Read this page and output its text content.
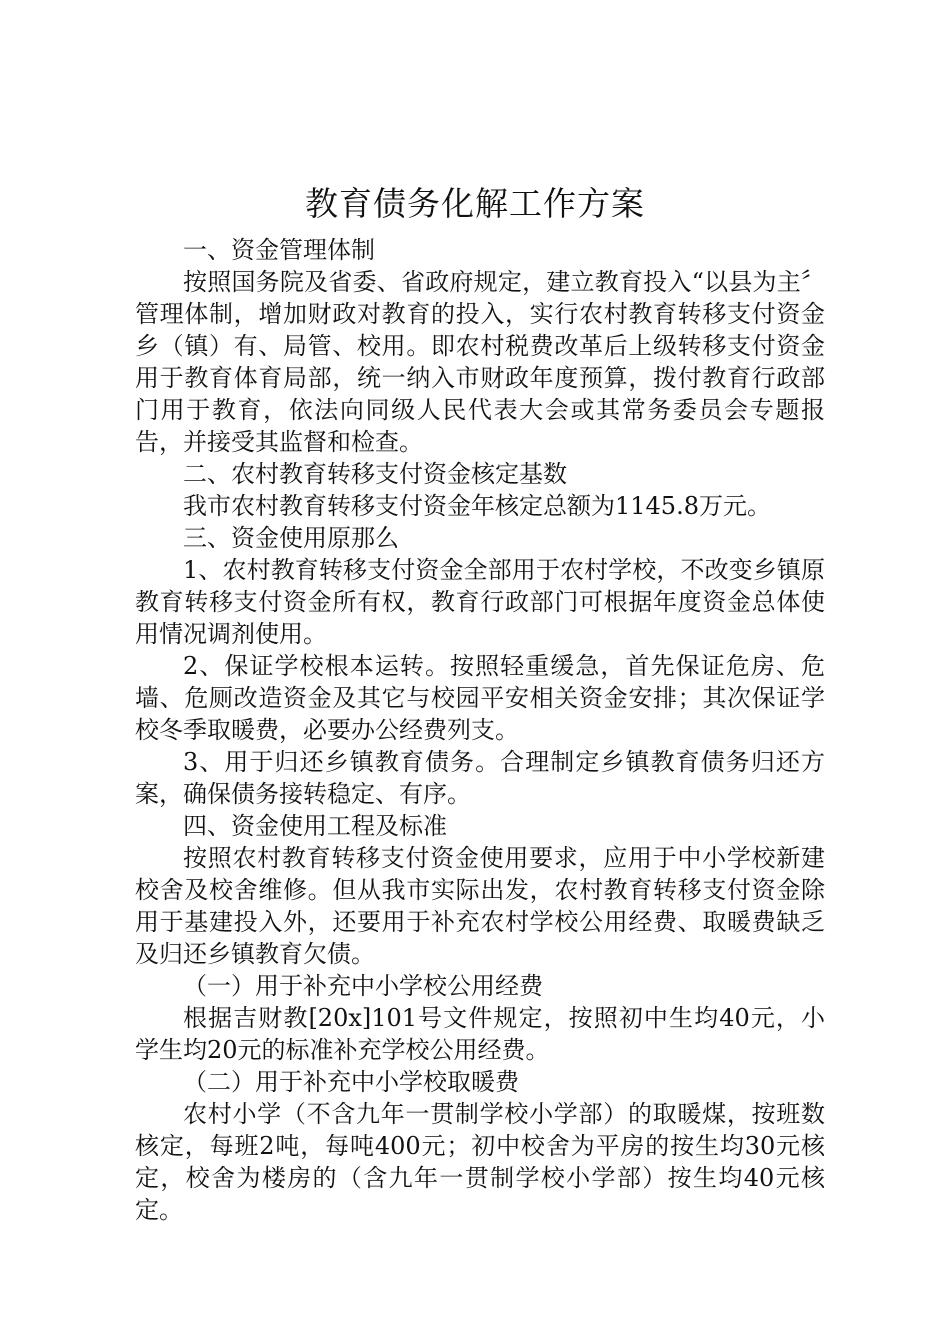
教育债务化解工作方案

一、资金管理体制

按照国务院及省委、省政府规定，建立教育投入“以县为主〞管理体制，增加财政对教育的投入，实行农村教育转移支付资金乡（镇）有、局管、校用。即农村税费改革后上级转移支付资金用于教育体育局部，统一纳入市财政年度预算，拨付教育行政部门用于教育，依法向同级人民代表大会或其常务委员会专题报告，并接受其监督和检查。

二、农村教育转移支付资金核定基数

我市农村教育转移支付资金年核定总额为1145.8万元。

三、资金使用原那么

1、农村教育转移支付资金全部用于农村学校，不改变乡镇原教育转移支付资金所有权，教育行政部门可根据年度资金总体使用情况调剂使用。

2、保证学校根本运转。按照轻重缓急，首先保证危房、危墙、危厕改造资金及其它与校园平安相关资金安排；其次保证学校冬季取暖费，必要办公经费列支。

3、用于归还乡镇教育债务。合理制定乡镇教育债务归还方案，确保债务接转稳定、有序。

四、资金使用工程及标准

按照农村教育转移支付资金使用要求，应用于中小学校新建校舍及校舍维修。但从我市实际出发，农村教育转移支付资金除用于基建投入外，还要用于补充农村学校公用经费、取暖费缺乏及归还乡镇教育欠债。

（一）用于补充中小学校公用经费

根据吉财教[20x]101号文件规定，按照初中生均40元，小学生均20元的标准补充学校公用经费。

（二）用于补充中小学校取暖费

农村小学（不含九年一贯制学校小学部）的取暖煤，按班数核定，每班2吨，每吨400元；初中校舍为平房的按生均30元核定，校舍为楼房的（含九年一贯制学校小学部）按生均40元核定。
